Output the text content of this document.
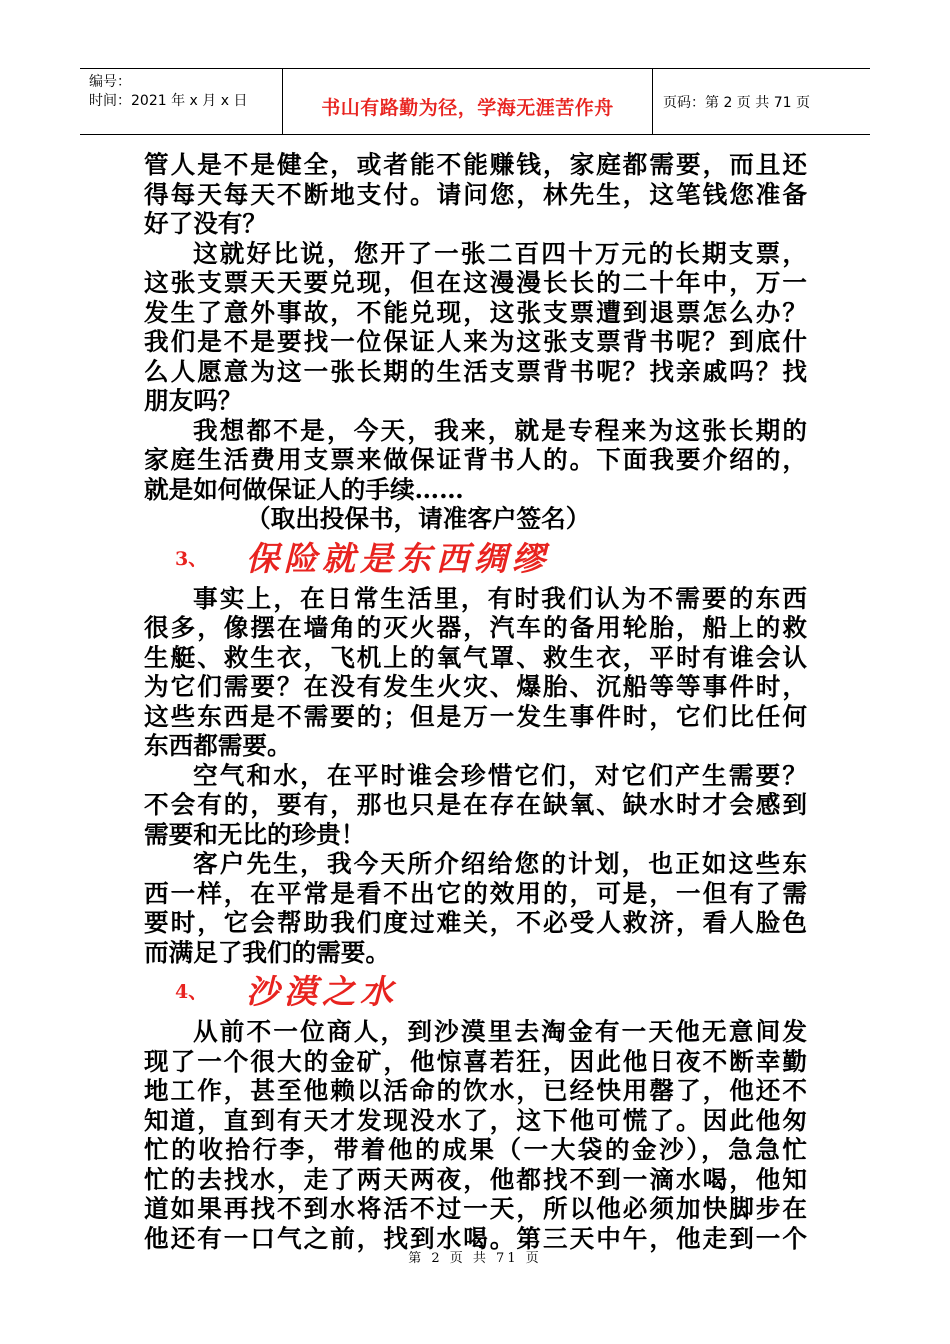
编号：
时间：2021 年 x 月 x 日	书山有路勤为径，学海无涯苦作舟	页码：第 2 页 共 71 页
管人是不是健全，或者能不能赚钱，家庭都需要，而且还
得每天每天不断地支付。请问您，林先生，这笔钱您准备
好了没有？
这就好比说，您开了一张二百四十万元的长期支票，
这张支票天天要兑现，但在这漫漫长长的二十年中，万一
发生了意外事故，不能兑现，这张支票遭到退票怎么办？
我们是不是要找一位保证人来为这张支票背书呢？到底什
么人愿意为这一张长期的生活支票背书呢？找亲戚吗？找
朋友吗？
我想都不是，今天，我来，就是专程来为这张长期的
家庭生活费用支票来做保证背书人的。下面我要介绍的，
就是如何做保证人的手续……
（取出投保书，请准客户签名）
3、 保险就是东西绸缪
事实上，在日常生活里，有时我们认为不需要的东西
很多，像摆在墙角的灭火器，汽车的备用轮胎，船上的救
生艇、救生衣，飞机上的氧气罩、救生衣，平时有谁会认
为它们需要？在没有发生火灾、爆胎、沉船等等事件时，
这些东西是不需要的；但是万一发生事件时，它们比任何
东西都需要。
空气和水，在平时谁会珍惜它们，对它们产生需要？
不会有的，要有，那也只是在存在缺氧、缺水时才会感到
需要和无比的珍贵！
客户先生，我今天所介绍给您的计划，也正如这些东
西一样，在平常是看不出它的效用的，可是，一但有了需
要时，它会帮助我们度过难关，不必受人救济，看人脸色
而满足了我们的需要。
4、 沙漠之水
从前不一位商人，到沙漠里去淘金有一天他无意间发
现了一个很大的金矿，他惊喜若狂，因此他日夜不断幸勤
地工作，甚至他赖以活命的饮水，已经快用罄了，他还不
知道，直到有天才发现没水了，这下他可慌了。因此他匆
忙的收拾行李，带着他的成果（一大袋的金沙），急急忙
忙的去找水，走了两天两夜，他都找不到一滴水喝，他知
道如果再找不到水将活不过一天，所以他必须加快脚步在
他还有一口气之前，找到水喝。第三天中午，他走到一个
第 2 页 共 71 页
